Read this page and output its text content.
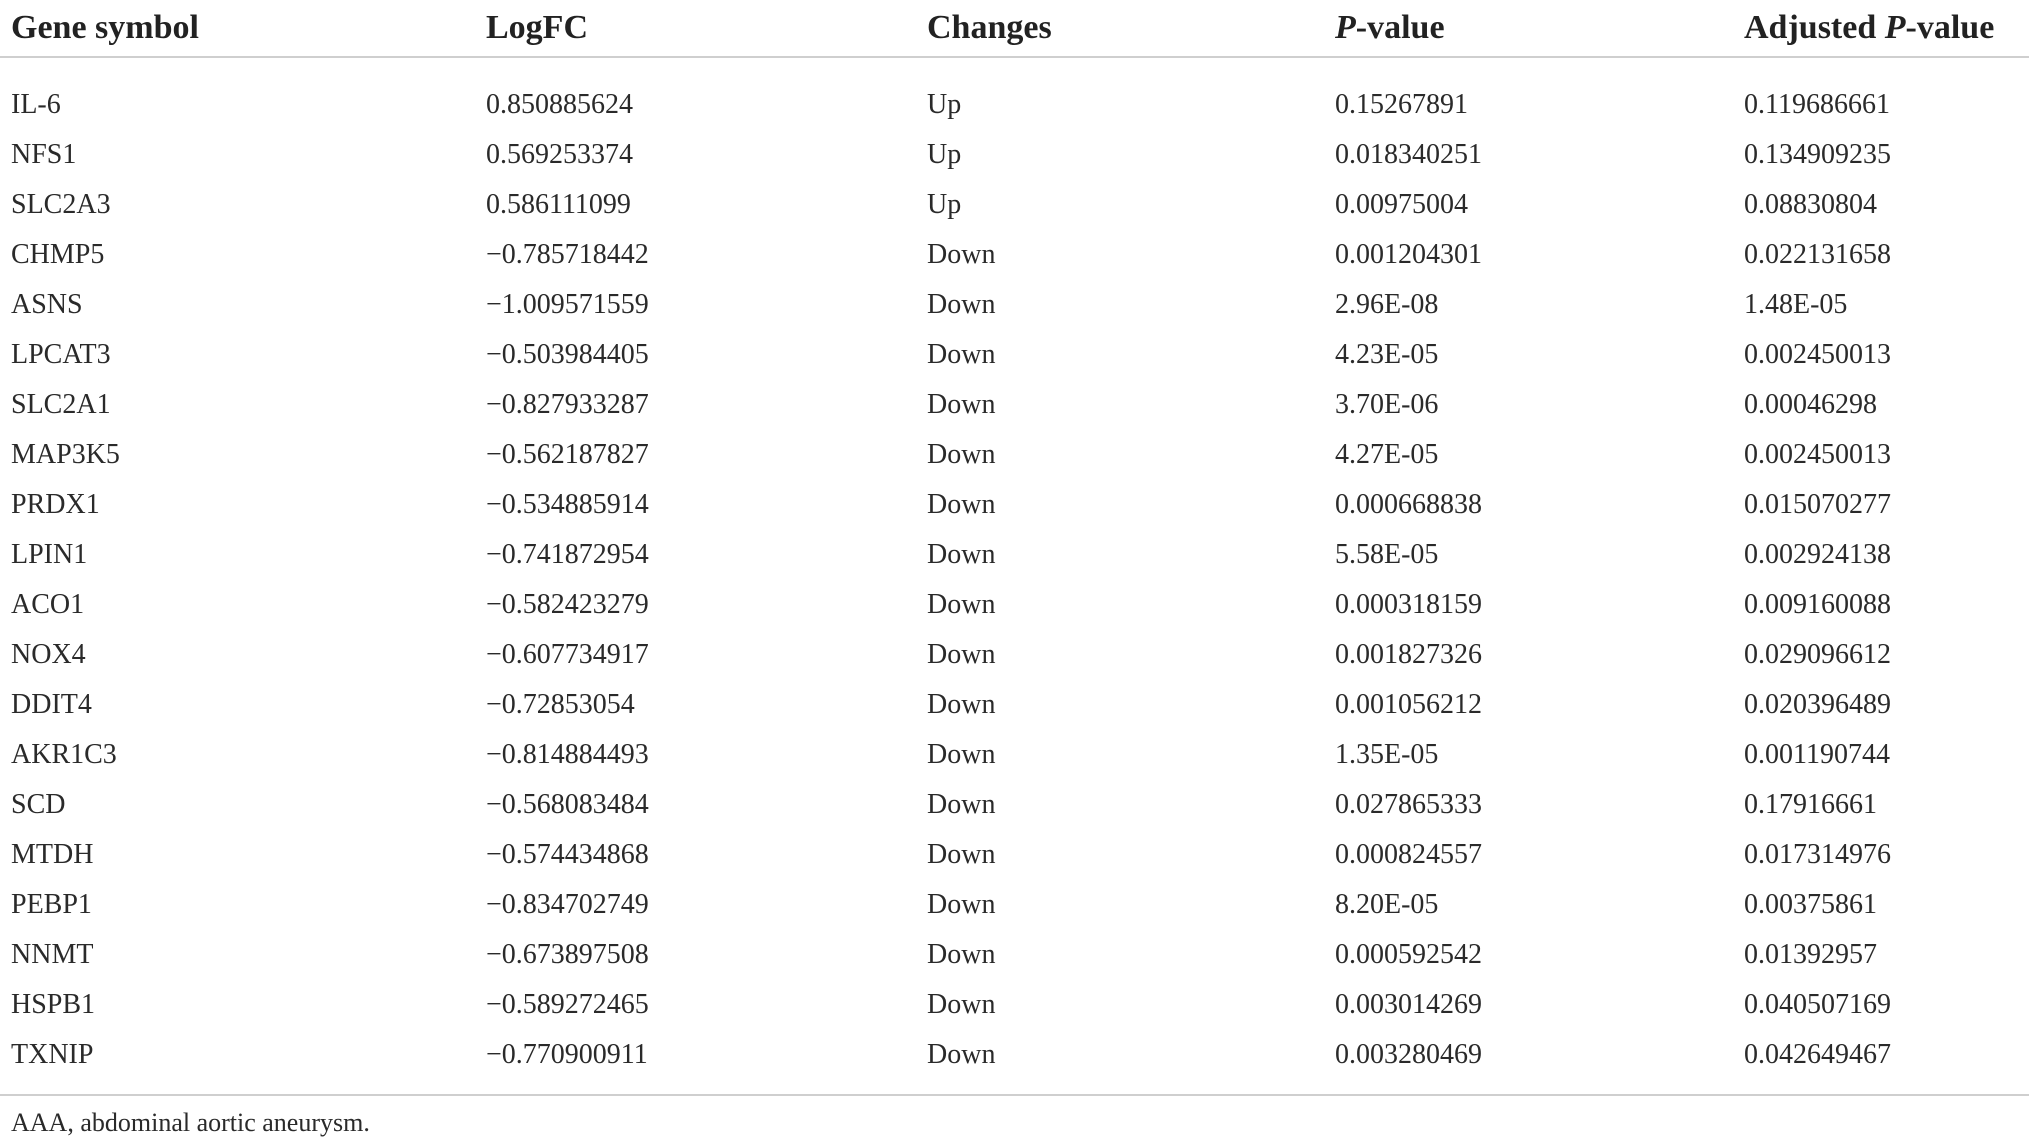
Gene symbol	LogFC	Changes	P-value	Adjusted P-value
IL-6	0.850885624	Up	0.15267891	0.119686661
NFS1	0.569253374	Up	0.018340251	0.134909235
SLC2A3	0.586111099	Up	0.00975004	0.08830804
CHMP5	−0.785718442	Down	0.001204301	0.022131658
ASNS	−1.009571559	Down	2.96E-08	1.48E-05
LPCAT3	−0.503984405	Down	4.23E-05	0.002450013
SLC2A1	−0.827933287	Down	3.70E-06	0.00046298
MAP3K5	−0.562187827	Down	4.27E-05	0.002450013
PRDX1	−0.534885914	Down	0.000668838	0.015070277
LPIN1	−0.741872954	Down	5.58E-05	0.002924138
ACO1	−0.582423279	Down	0.000318159	0.009160088
NOX4	−0.607734917	Down	0.001827326	0.029096612
DDIT4	−0.72853054	Down	0.001056212	0.020396489
AKR1C3	−0.814884493	Down	1.35E-05	0.001190744
SCD	−0.568083484	Down	0.027865333	0.17916661
MTDH	−0.574434868	Down	0.000824557	0.017314976
PEBP1	−0.834702749	Down	8.20E-05	0.00375861
NNMT	−0.673897508	Down	0.000592542	0.01392957
HSPB1	−0.589272465	Down	0.003014269	0.040507169
TXNIP	−0.770900911	Down	0.003280469	0.042649467
AAA, abdominal aortic aneurysm.
